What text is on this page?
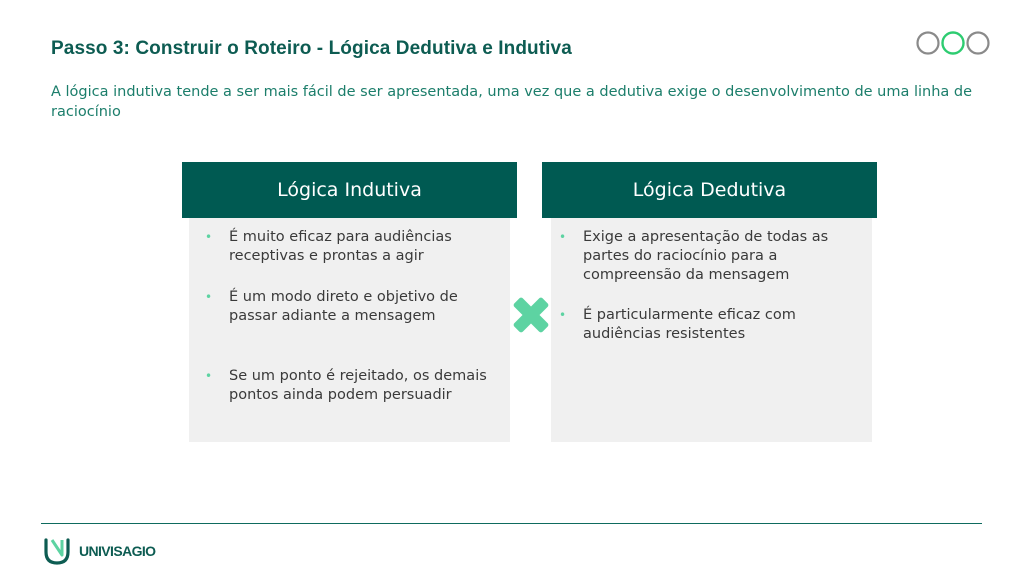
Passo 3: Construir o Roteiro - Lógica Dedutiva e Indutiva
A lógica indutiva tende a ser mais fácil de ser apresentada, uma vez que a dedutiva exige o desenvolvimento de uma linha de raciocínio
Lógica Indutiva
• É muito eficaz para audiências receptivas e prontas a agir
• É um modo direto e objetivo de passar adiante a mensagem
• Se um ponto é rejeitado, os demais pontos ainda podem persuadir
Lógica Dedutiva
• Exige a apresentação de todas as partes do raciocínio para a compreensão da mensagem
• É particularmente eficaz com audiências resistentes
UNIVISAGIO
